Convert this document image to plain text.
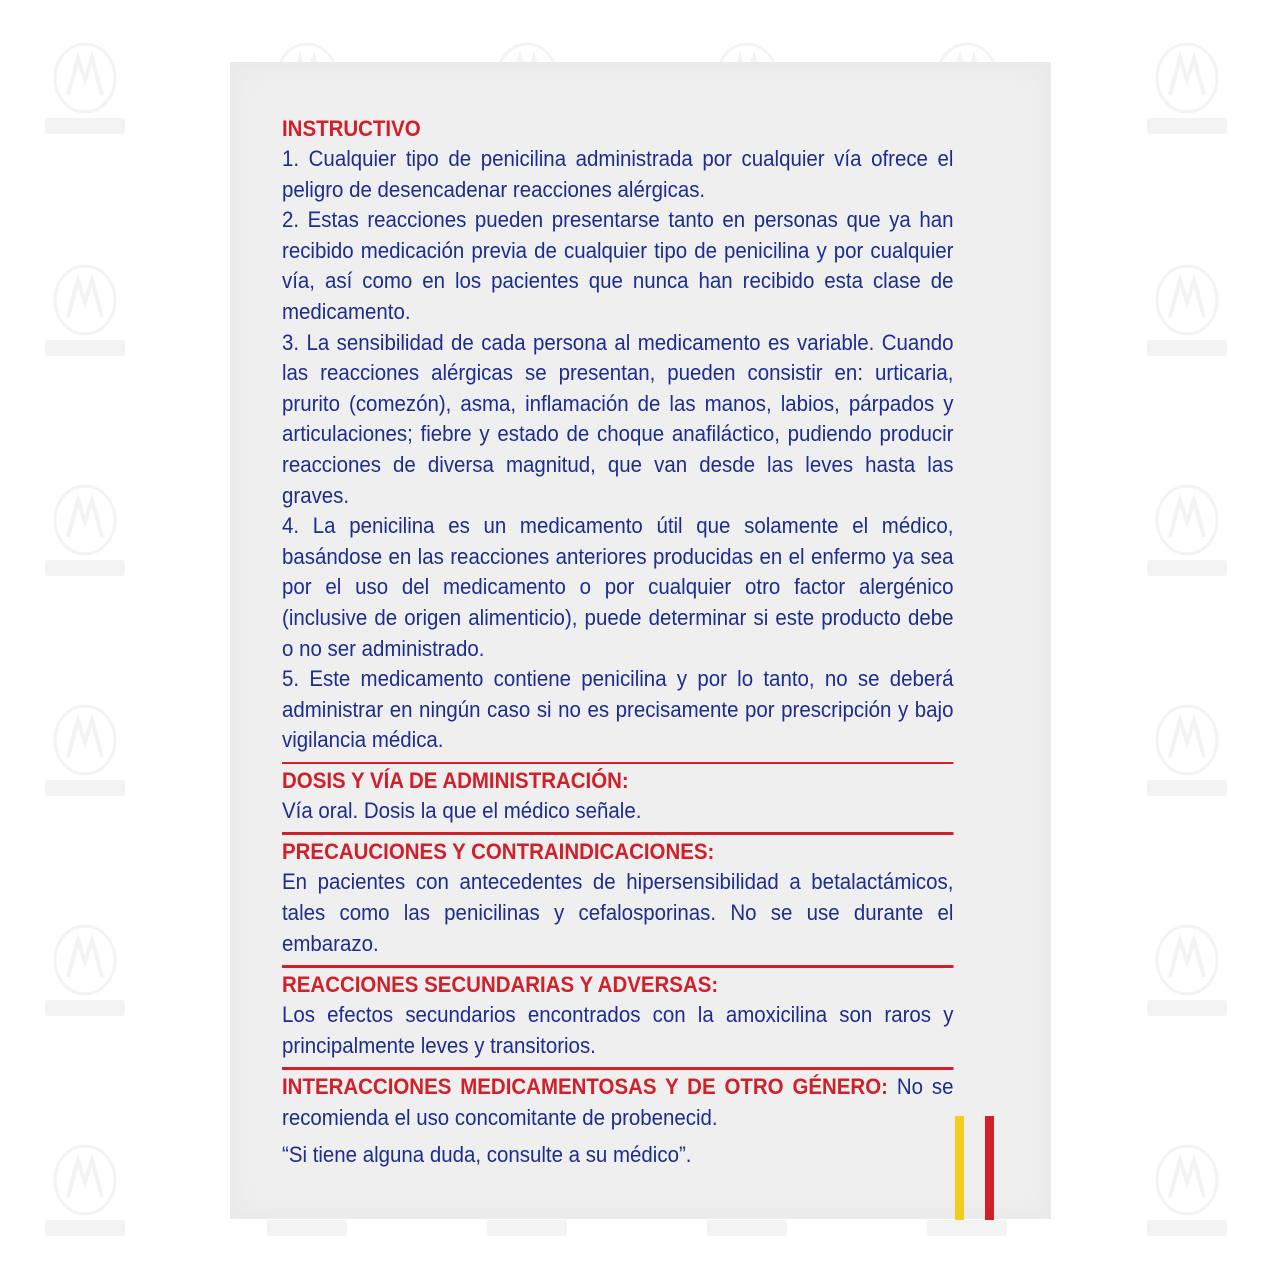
INSTRUCTIVO

1. Cualquier tipo de penicilina administrada por cualquier vía ofrece el peligro de desencadenar reacciones alérgicas.

2. Estas reacciones pueden presentarse tanto en personas que ya han recibido medicación previa de cualquier tipo de penicilina y por cualquier vía, así como en los pacientes que nunca han recibido esta clase de medicamento.

3. La sensibilidad de cada persona al medicamento es variable. Cuando las reacciones alérgicas se presentan, pueden consistir en: urticaria, prurito (comezón), asma, inflamación de las manos, labios, párpados y articulaciones; fiebre y estado de choque anafiláctico, pudiendo producir reacciones de diversa magnitud, que van desde las leves hasta las graves.

4. La penicilina es un medicamento útil que solamente el médico, basándose en las reacciones anteriores producidas en el enfermo ya sea por el uso del medicamento o por cualquier otro factor alergénico (inclusive de origen alimenticio), puede determinar si este producto debe o no ser administrado.

5. Este medicamento contiene penicilina y por lo tanto, no se deberá administrar en ningún caso si no es precisamente por prescripción y bajo vigilancia médica.

DOSIS Y VÍA DE ADMINISTRACIÓN:

Vía oral. Dosis la que el médico señale.

PRECAUCIONES Y CONTRAINDICACIONES:

En pacientes con antecedentes de hipersensibilidad a betalactámicos, tales como las penicilinas y cefalosporinas. No se use durante el embarazo.

REACCIONES SECUNDARIAS Y ADVERSAS:

Los efectos secundarios encontrados con la amoxicilina son raros y principalmente leves y transitorios.

INTERACCIONES MEDICAMENTOSAS Y DE OTRO GÉNERO: No se recomienda el uso concomitante de probenecid.

“Si tiene alguna duda, consulte a su médico”.
